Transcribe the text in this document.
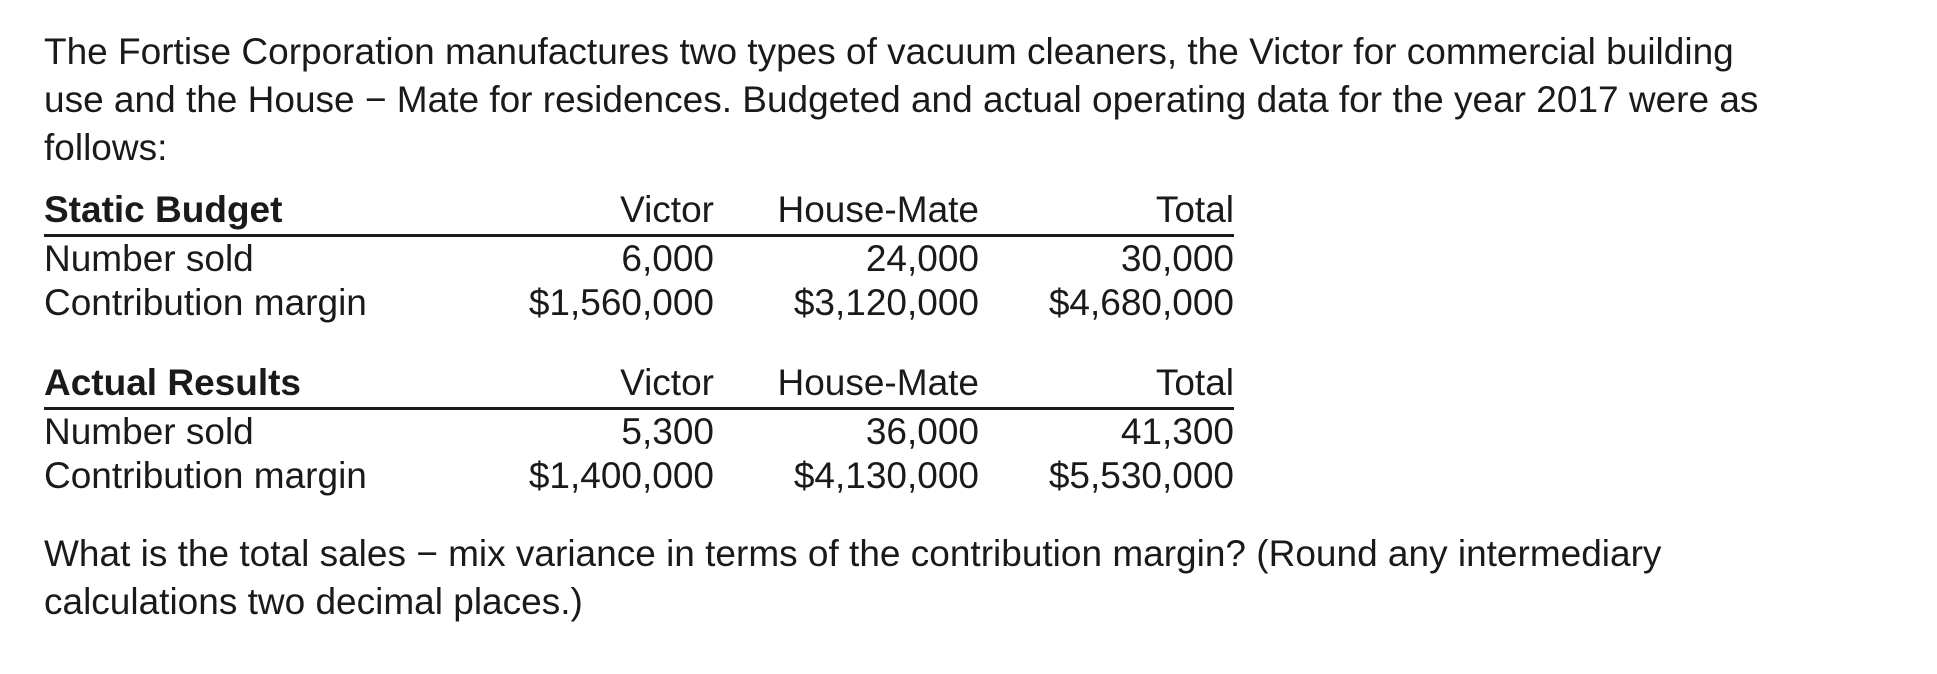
The Fortise Corporation manufactures two types of vacuum cleaners, the Victor for commercial building

use and the House − Mate for residences. Budgeted and actual operating data for the year 2017 were as

follows:

Static Budget	Victor	House-Mate	Total
Number sold	6,000	24,000	30,000
Contribution margin	$1,560,000	$3,120,000	$4,680,000
Actual Results	Victor	House-Mate	Total
Number sold	5,300	36,000	41,300
Contribution margin	$1,400,000	$4,130,000	$5,530,000

What is the total sales − mix variance in terms of the contribution margin? (Round any intermediary

calculations two decimal places.)
